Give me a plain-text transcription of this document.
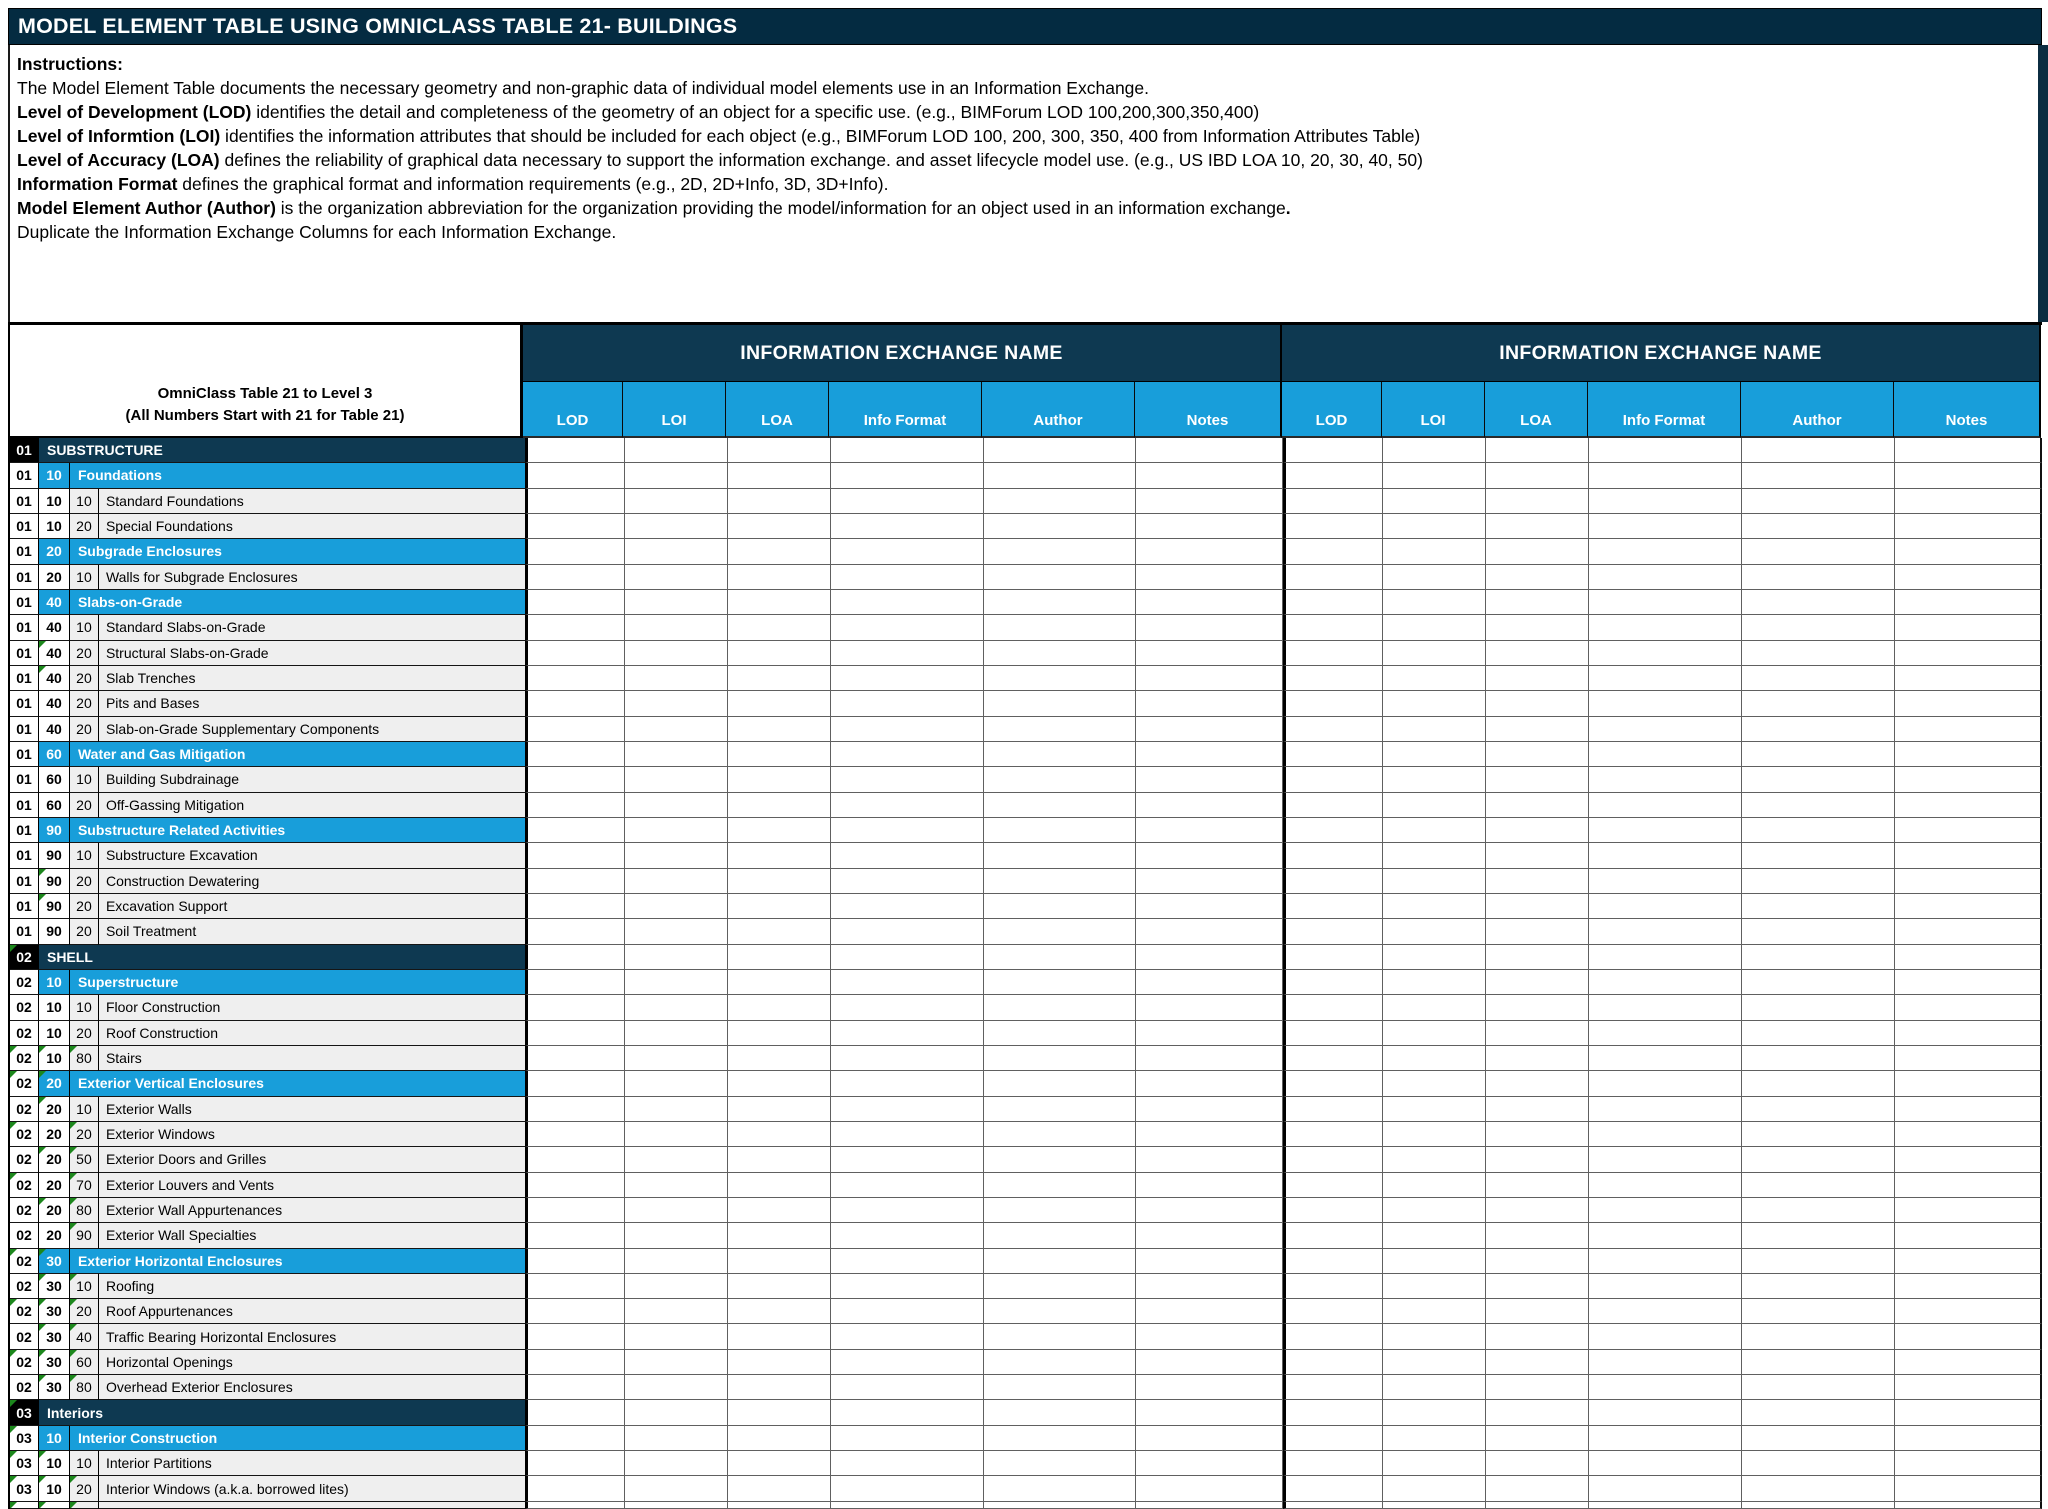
MODEL ELEMENT TABLE USING OMNICLASS TABLE 21- BUILDINGS
Instructions:
The Model Element Table documents the necessary geometry and non-graphic data of individual model elements use in an Information Exchange.
Level of Development (LOD) identifies the detail and completeness of the geometry of an object for a specific use. (e.g., BIMForum LOD 100,200,300,350,400)
Level of Informtion (LOI) identifies the information attributes that should be included for each object (e.g., BIMForum LOD 100, 200, 300, 350, 400 from Information Attributes Table)
Level of Accuracy (LOA) defines the reliability of graphical data necessary to support the information exchange. and asset lifecycle model use. (e.g., US IBD LOA 10, 20, 30, 40, 50)
Information Format defines the graphical format and information requirements (e.g., 2D, 2D+Info, 3D, 3D+Info).
Model Element Author (Author) is the organization abbreviation for the organization providing the model/information for an object used in an information exchange.
Duplicate the Information Exchange Columns for each Information Exchange.
OmniClass Table 21 to Level 3
(All Numbers Start with 21 for Table 21)
INFORMATION EXCHANGE NAME
LOD	LOI	LOA	Info Format	Author	Notes
INFORMATION EXCHANGE NAME
LOD	LOI	LOA	Info Format	Author	Notes
01	SUBSTRUCTURE
01 10	Foundations
01 10 10	Standard Foundations
01 10 20	Special Foundations
01 20	Subgrade Enclosures
01 20 10	Walls for Subgrade Enclosures
01 40	Slabs-on-Grade
01 40 10	Standard Slabs-on-Grade
01 40 20	Structural Slabs-on-Grade
01 40 20	Slab Trenches
01 40 20	Pits and Bases
01 40 20	Slab-on-Grade Supplementary Components
01 60	Water and Gas Mitigation
01 60 10	Building Subdrainage
01 60 20	Off-Gassing Mitigation
01 90	Substructure Related Activities
01 90 10	Substructure Excavation
01 90 20	Construction Dewatering
01 90 20	Excavation Support
01 90 20	Soil Treatment
02	SHELL
02 10	Superstructure
02 10 10	Floor Construction
02 10 20	Roof Construction
02 10 80	Stairs
02 20	Exterior Vertical Enclosures
02 20 10	Exterior Walls
02 20 20	Exterior Windows
02 20 50	Exterior Doors and Grilles
02 20 70	Exterior Louvers and Vents
02 20 80	Exterior Wall Appurtenances
02 20 90	Exterior Wall Specialties
02 30	Exterior Horizontal Enclosures
02 30 10	Roofing
02 30 20	Roof Appurtenances
02 30 40	Traffic Bearing Horizontal Enclosures
02 30 60	Horizontal Openings
02 30 80	Overhead Exterior Enclosures
03	Interiors
03 10	Interior Construction
03 10 10	Interior Partitions
03 10 20	Interior Windows (a.k.a. borrowed lites)
